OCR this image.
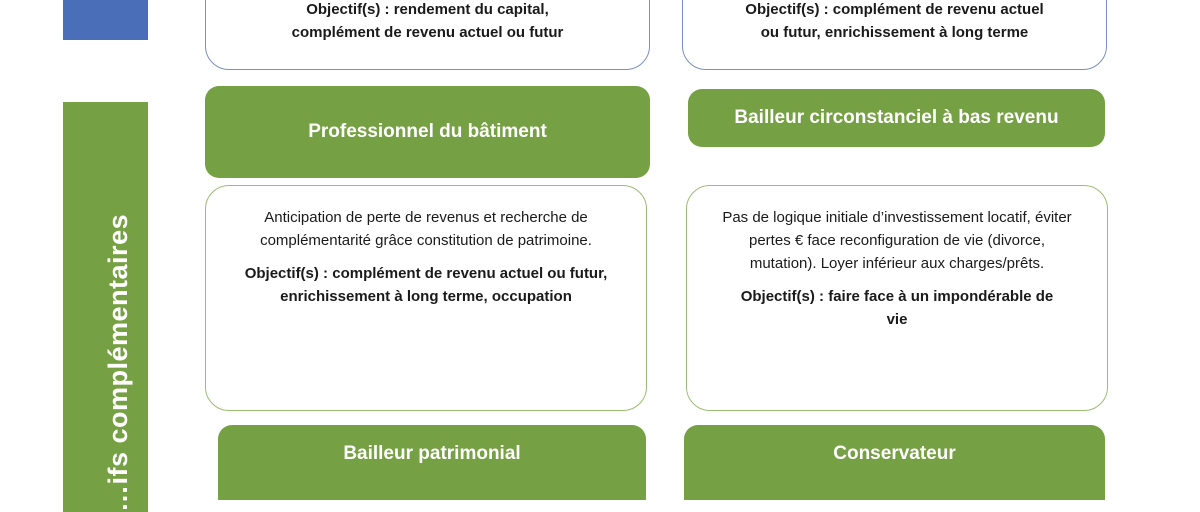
…ifs complémentaires

Objectif(s) : rendement du capital,

complément de revenu actuel ou futur

Objectif(s) : complément de revenu actuel

ou futur, enrichissement à long terme

Professionnel du bâtiment
Bailleur circonstanciel à bas revenu

Anticipation de perte de revenus et recherche de complémentarité grâce constitution de patrimoine.

Objectif(s) : complément de revenu actuel ou futur, enrichissement à long terme, occupation

Pas de logique initiale d’investissement locatif, éviter pertes € face reconfiguration de vie (divorce, mutation). Loyer inférieur aux charges/prêts.

Objectif(s) : faire face à un impondérable de vie

Bailleur patrimonial	Conservateur
